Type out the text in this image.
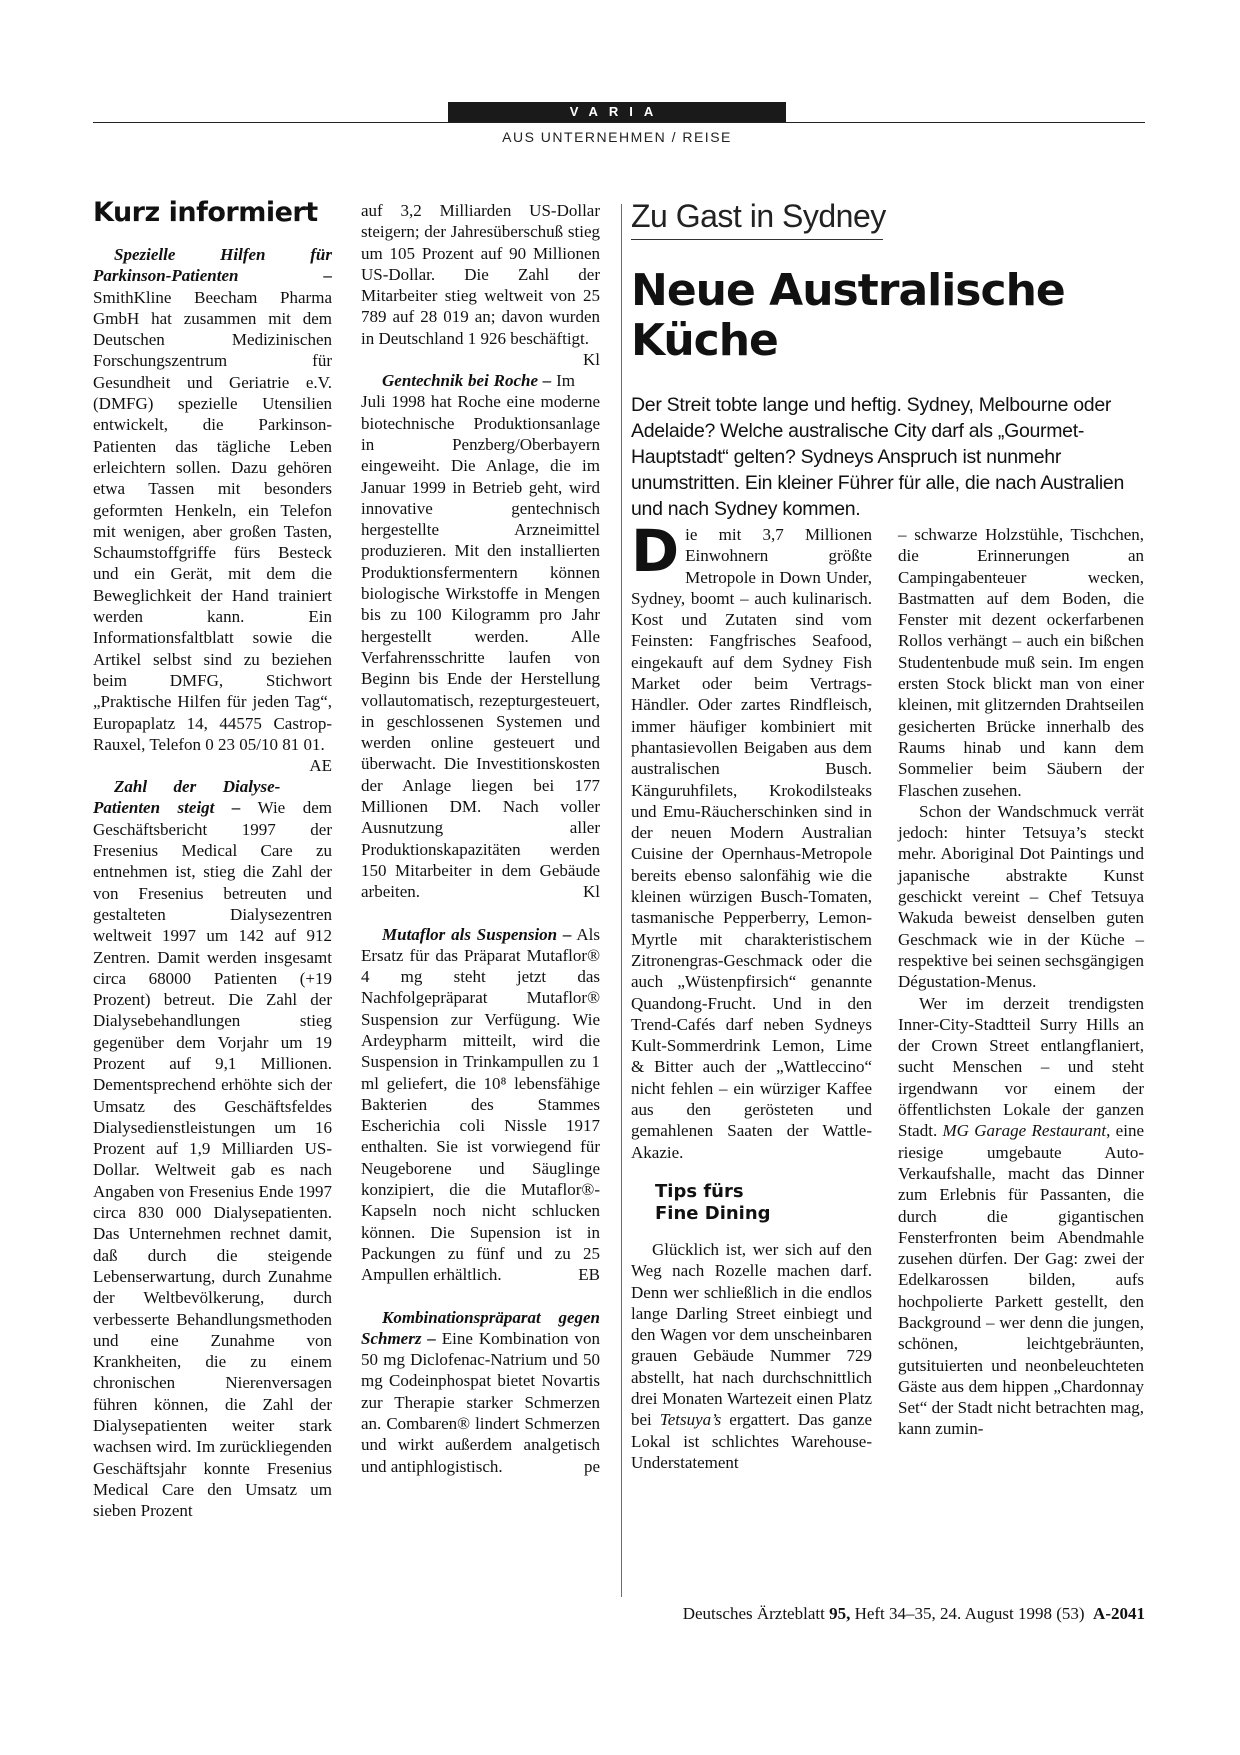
VARIA
AUS UNTERNEHMEN / REISE
Kurz informiert

Spezielle Hilfen für Parkinson-Patienten – SmithKline Beecham Pharma GmbH hat zusammen mit dem Deutschen Medizinischen Forschungszentrum für Gesundheit und Geriatrie e.V. (DMFG) spezielle Utensilien entwickelt, die Parkinson-Patienten das tägliche Leben erleichtern sollen. Dazu gehören etwa Tassen mit besonders geformten Henkeln, ein Telefon mit wenigen, aber großen Tasten, Schaumstoffgriffe fürs Besteck und ein Gerät, mit dem die Beweglichkeit der Hand trainiert werden kann. Ein Informationsfaltblatt sowie die Artikel selbst sind zu beziehen beim DMFG, Stichwort „Praktische Hilfen für jeden Tag“, Europaplatz 14, 44575 Castrop-Rauxel, Telefon 0 23 05/10 81 01.
AE

Zahl der Dialyse-Patienten steigt – Wie dem Geschäftsbericht 1997 der Fresenius Medical Care zu entnehmen ist, stieg die Zahl der von Fresenius betreuten und gestalteten Dialysezentren weltweit 1997 um 142 auf 912 Zentren. Damit werden insgesamt circa 68000 Patienten (+19 Prozent) betreut. Die Zahl der Dialysebehandlungen stieg gegenüber dem Vorjahr um 19 Prozent auf 9,1 Millionen. Dementsprechend erhöhte sich der Umsatz des Geschäftsfeldes Dialysedienstleistungen um 16 Prozent auf 1,9 Milliarden US-Dollar. Weltweit gab es nach Angaben von Fresenius Ende 1997 circa 830 000 Dialysepatienten. Das Unternehmen rechnet damit, daß durch die steigende Lebenserwartung, durch Zunahme der Weltbevölkerung, durch verbesserte Behandlungsmethoden und eine Zunahme von Krankheiten, die zu einem chronischen Nierenversagen führen können, die Zahl der Dialysepatienten weiter stark wachsen wird. Im zurückliegenden Geschäftsjahr konnte Fresenius Medical Care den Umsatz um sieben Prozent

auf 3,2 Milliarden US-Dollar steigern; der Jahresüberschuß stieg um 105 Prozent auf 90 Millionen US-Dollar. Die Zahl der Mitarbeiter stieg weltweit von 25 789 auf 28 019 an; davon wurden in Deutschland 1 926 beschäftigt.
Kl

Gentechnik bei Roche – Im Juli 1998 hat Roche eine moderne biotechnische Produktionsanlage in Penzberg/Oberbayern eingeweiht. Die Anlage, die im Januar 1999 in Betrieb geht, wird innovative gentechnisch hergestellte Arzneimittel produzieren. Mit den installierten Produktionsfermentern können biologische Wirkstoffe in Mengen bis zu 100 Kilogramm pro Jahr hergestellt werden. Alle Verfahrensschritte laufen von Beginn bis Ende der Herstellung vollautomatisch, rezepturgesteuert, in geschlossenen Systemen und werden online gesteuert und überwacht. Die Investitionskosten der Anlage liegen bei 177 Millionen DM. Nach voller Ausnutzung aller Produktionskapazitäten werden 150 Mitarbeiter in dem Gebäude arbeiten.	Kl

Mutaflor als Suspension – Als Ersatz für das Präparat Mutaflor® 4 mg steht jetzt das Nachfolgepräparat Mutaflor® Suspension zur Verfügung. Wie Ardeypharm mitteilt, wird die Suspension in Trinkampullen zu 1 ml geliefert, die 10⁸ lebensfähige Bakterien des Stammes Escherichia coli Nissle 1917 enthalten. Sie ist vorwiegend für Neugeborene und Säuglinge konzipiert, die die Mutaflor®-Kapseln noch nicht schlucken können. Die Supension ist in Packungen zu fünf und zu 25 Ampullen erhältlich.	EB

Kombinationspräparat gegen Schmerz – Eine Kombination von 50 mg Diclofenac-Natrium und 50 mg Codeinphospat bietet Novartis zur Therapie starker Schmerzen an. Combaren® lindert Schmerzen und wirkt außerdem analgetisch und antiphlogistisch.	pe

Zu Gast in Sydney
Neue Australische Küche

Der Streit tobte lange und heftig. Sydney, Melbourne oder Adelaide? Welche australische City darf als „Gourmet-Hauptstadt“ gelten? Sydneys Anspruch ist nunmehr unumstritten. Ein kleiner Führer für alle, die nach Australien und nach Sydney kommen.

Die mit 3,7 Millionen Einwohnern größte Metropole in Down Under, Sydney, boomt – auch kulinarisch. Kost und Zutaten sind vom Feinsten: Fangfrisches Seafood, eingekauft auf dem Sydney Fish Market oder beim Vertrags-Händler. Oder zartes Rindfleisch, immer häufiger kombiniert mit phantasievollen Beigaben aus dem australischen Busch. Känguruhfilets, Krokodilsteaks und Emu-Räucherschinken sind in der neuen Modern Australian Cuisine der Opernhaus-Metropole bereits ebenso salonfähig wie die kleinen würzigen Busch-Tomaten, tasmanische Pepperberry, Lemon-Myrtle mit charakteristischem Zitronengras-Geschmack oder die auch „Wüstenpfirsich“ genannte Quandong-Frucht. Und in den Trend-Cafés darf neben Sydneys Kult-Sommerdrink Lemon, Lime & Bitter auch der „Wattleccino“ nicht fehlen – ein würziger Kaffee aus den gerösteten und gemahlenen Saaten der Wattle-Akazie.

Tips fürs
Fine Dining

Glücklich ist, wer sich auf den Weg nach Rozelle machen darf. Denn wer schließlich in die endlos lange Darling Street einbiegt und den Wagen vor dem unscheinbaren grauen Gebäude Nummer 729 abstellt, hat nach durchschnittlich drei Monaten Wartezeit einen Platz bei Tetsuya’s ergattert. Das ganze Lokal ist schlichtes Warehouse-Understatement

– schwarze Holzstühle, Tischchen, die Erinnerungen an Campingabenteuer wecken, Bastmatten auf dem Boden, die Fenster mit dezent ockerfarbenen Rollos verhängt – auch ein bißchen Studentenbude muß sein. Im engen ersten Stock blickt man von einer kleinen, mit glitzernden Drahtseilen gesicherten Brücke innerhalb des Raums hinab und kann dem Sommelier beim Säubern der Flaschen zusehen.

Schon der Wandschmuck verrät jedoch: hinter Tetsuya’s steckt mehr. Aboriginal Dot Paintings und japanische abstrakte Kunst geschickt vereint – Chef Tetsuya Wakuda beweist denselben guten Geschmack wie in der Küche – respektive bei seinen sechsgängigen Dégustation-Menus.

Wer im derzeit trendigsten Inner-City-Stadtteil Surry Hills an der Crown Street entlangflaniert, sucht Menschen – und steht irgendwann vor einem der öffentlichsten Lokale der ganzen Stadt. MG Garage Restaurant, eine riesige umgebaute Auto-Verkaufshalle, macht das Dinner zum Erlebnis für Passanten, die durch die gigantischen Fensterfronten beim Abendmahle zusehen dürfen. Der Gag: zwei der Edelkarossen bilden, aufs hochpolierte Parkett gestellt, den Background – wer denn die jungen, schönen, leichtgebräunten, gutsituierten und neonbeleuchteten Gäste aus dem hippen „Chardonnay Set“ der Stadt nicht betrachten mag, kann zumin-

Deutsches Ärzteblatt 95, Heft 34–35, 24. August 1998 (53) A-2041
